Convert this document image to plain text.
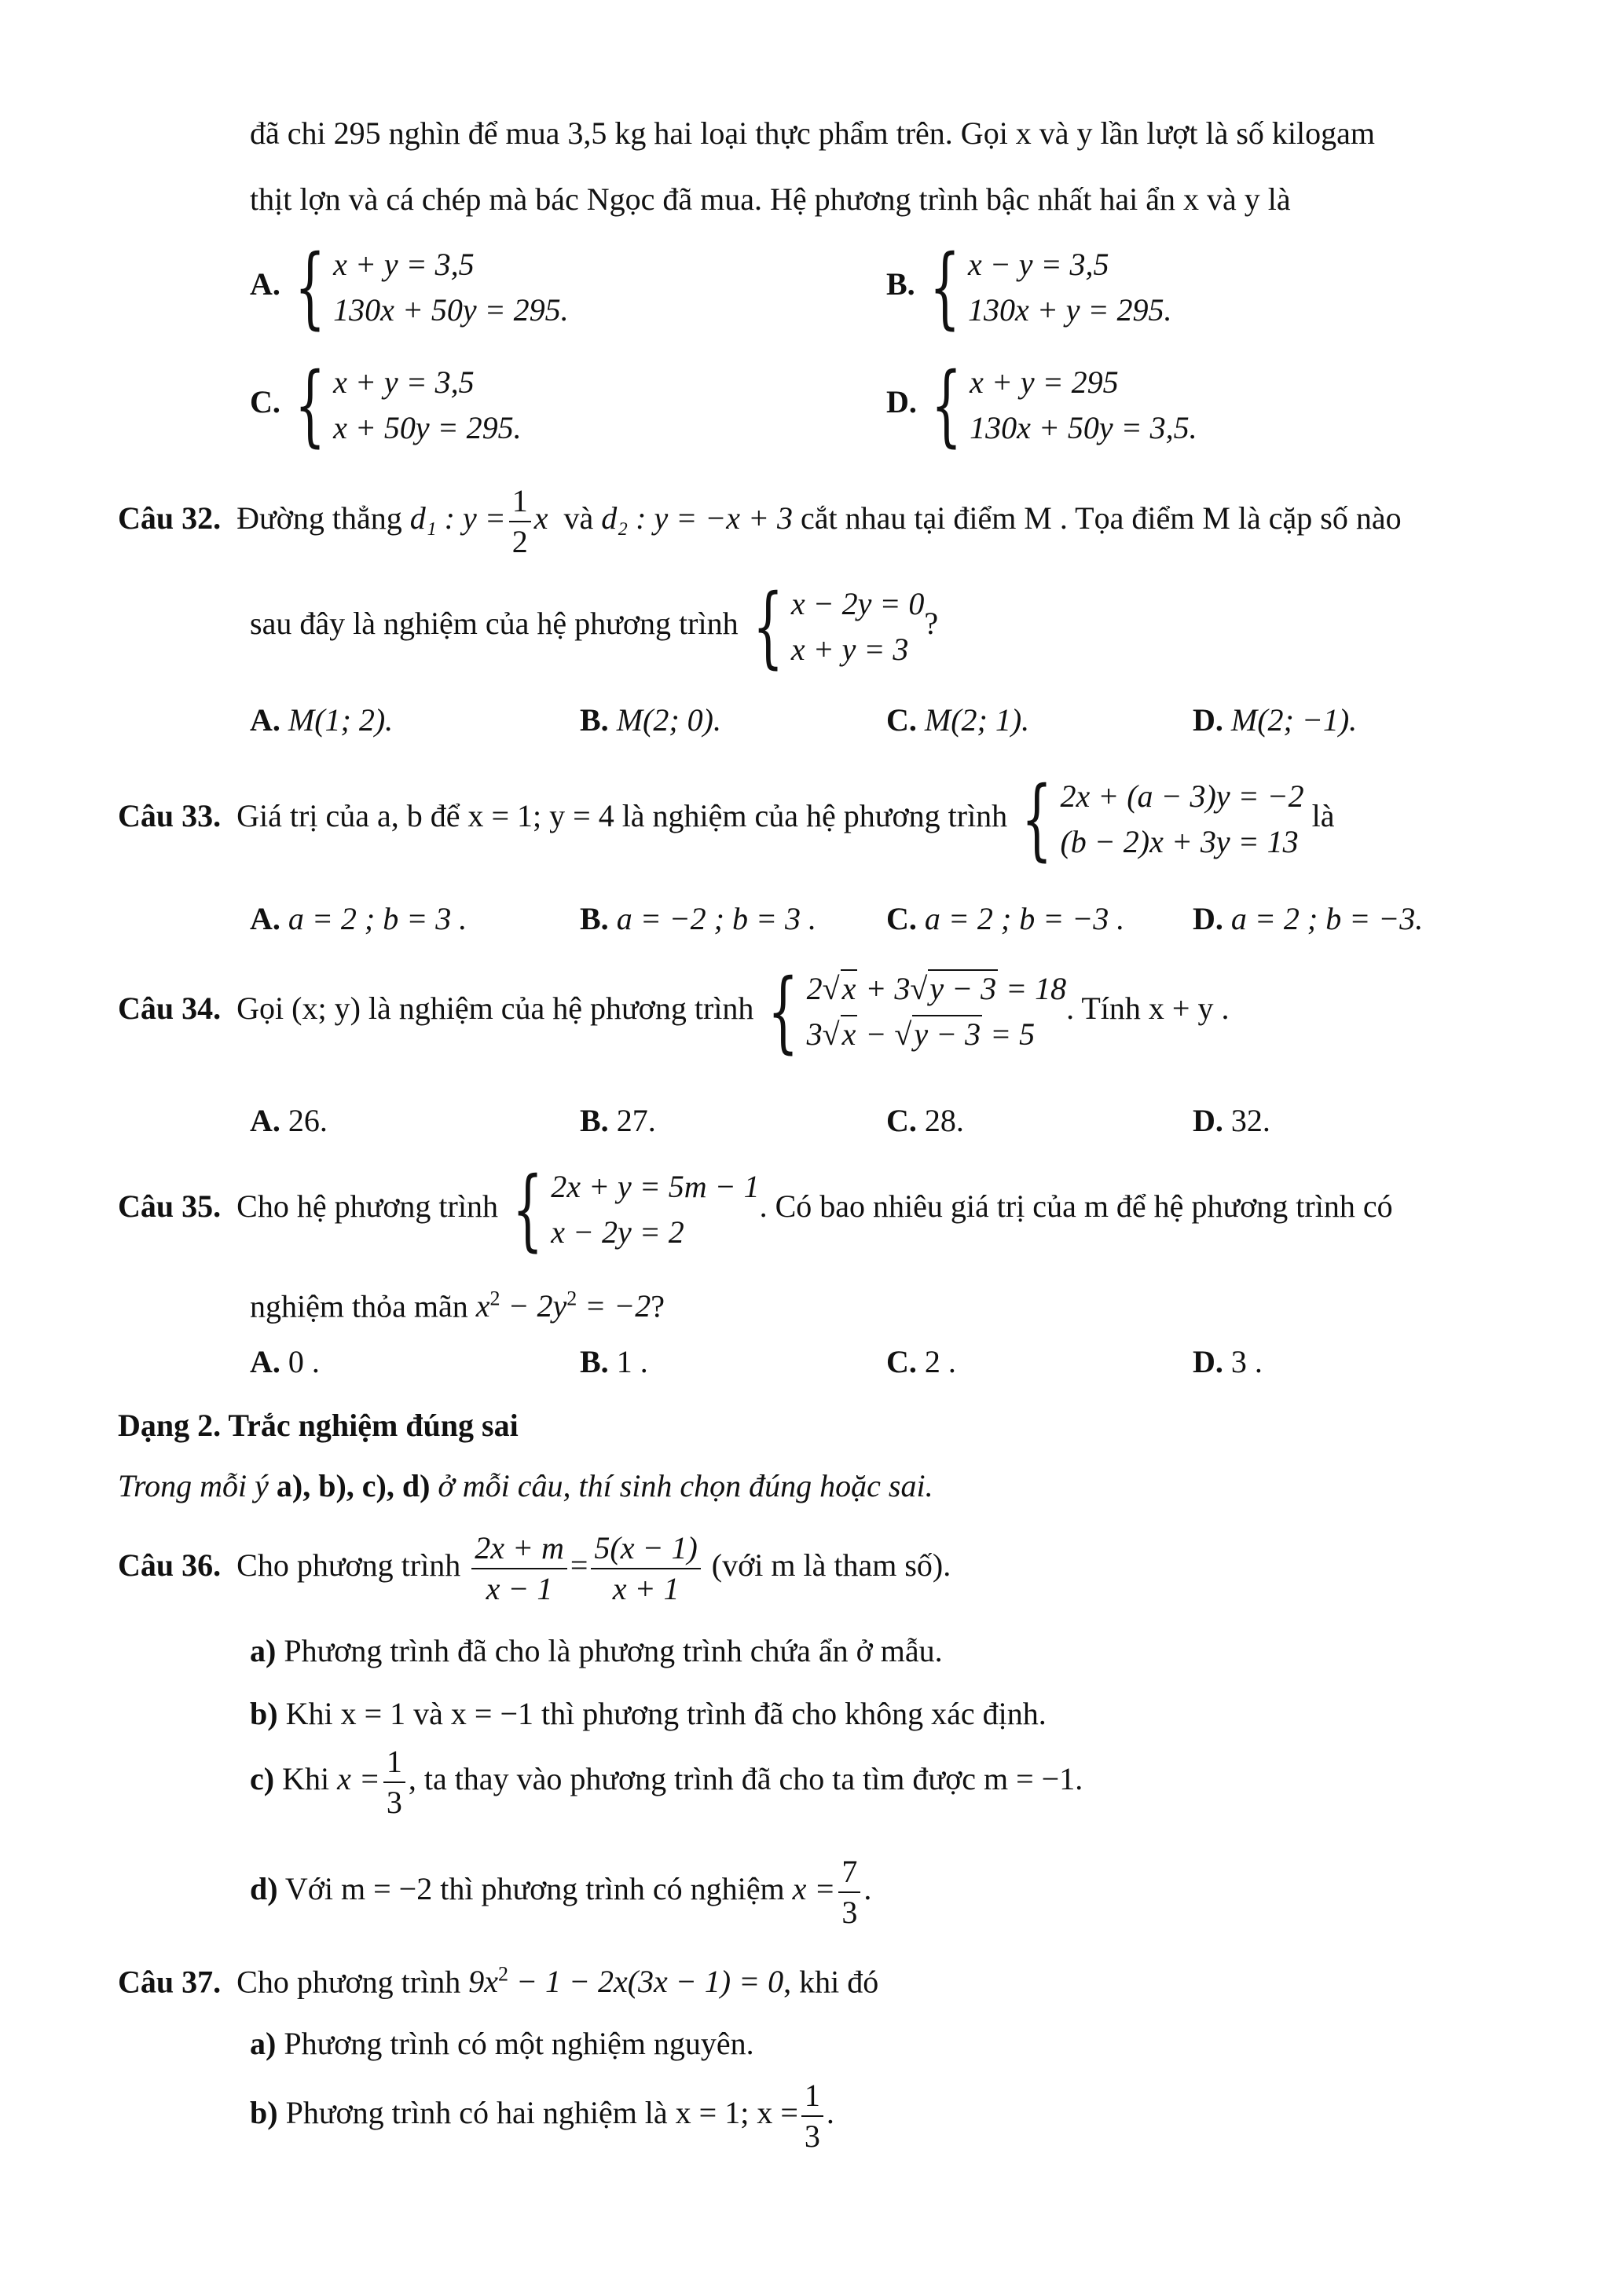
đã chi 295 nghìn để mua 3,5 kg hai loại thực phẩm trên. Gọi x và y lần lượt là số kilogam
thịt lợn và cá chép mà bác Ngọc đã mua. Hệ phương trình bậc nhất hai ẩn x và y là
A. { x + y = 3,5
130x + 50y = 295.
B. { x − y = 3,5
130x + y = 295.
C. { x + y = 3,5
x + 50y = 295.
D. { x + y = 295
130x + 50y = 3,5.
Câu 32. Đường thẳng d₁ : $y = \frac{1}{2}$ x và d₂ : y = −x + 3 cắt nhau tại điểm M . Tọa điểm M là cặp số nào
sau đây là nghiệm của hệ phương trình { x − 2y = 0
x + y = 3
?
A. M(1; 2).	B. M(2; 0).	C. M(2; 1).	D. M(2; −1).
Câu 33. Giá trị của a, b để x = 1; y = 4 là nghiệm của hệ phương trình { 2x + (a − 3)y = −2
(b − 2)x + 3y = 13
là
A. a = 2 ; b = 3 .	B. a = −2 ; b = 3 . C. a = 2 ; b = −3 . D. a = 2 ; b = −3.
Câu 34. Gọi (x; y) là nghiệm của hệ phương trình { 2√x + 3√y − 3 = 18
3√x − √y − 3 = 5
. Tính x + y .
A. 26.	B. 27.	C. 28.	D. 32.
Câu 35. Cho hệ phương trình { 2x + y = 5m − 1
x − 2y = 2
. Có bao nhiêu giá trị của m để hệ phương trình có
nghiệm thỏa mãn $x^2 - 2y^2 = -2$?
A. 0 .	B. 1 .	C. 2 .	D. 3 .
Dạng 2. Trắc nghiệm đúng sai
Trong mỗi ý a), b), c), d) ở mỗi câu, thí sinh chọn đúng hoặc sai.
Câu 36. Cho phương trình $\frac{2x + m}{x - 1} = \frac{5(x - 1)}{x + 1}$ (với m là tham số).
a) Phương trình đã cho là phương trình chứa ẩn ở mẫu.
b) Khi x = 1 và x = −1 thì phương trình đã cho không xác định.
c) Khi $x = \frac{1}{3}$ , ta thay vào phương trình đã cho ta tìm được m = −1.
d) Với m = −2 thì phương trình có nghiệm $x = \frac{7}{3}$ .
Câu 37. Cho phương trình $9x^2 - 1 - 2x(3x - 1) = 0$, khi đó
a) Phương trình có một nghiệm nguyên.
b) Phương trình có hai nghiệm là x = 1; $x = \frac{1}{3}$ .
